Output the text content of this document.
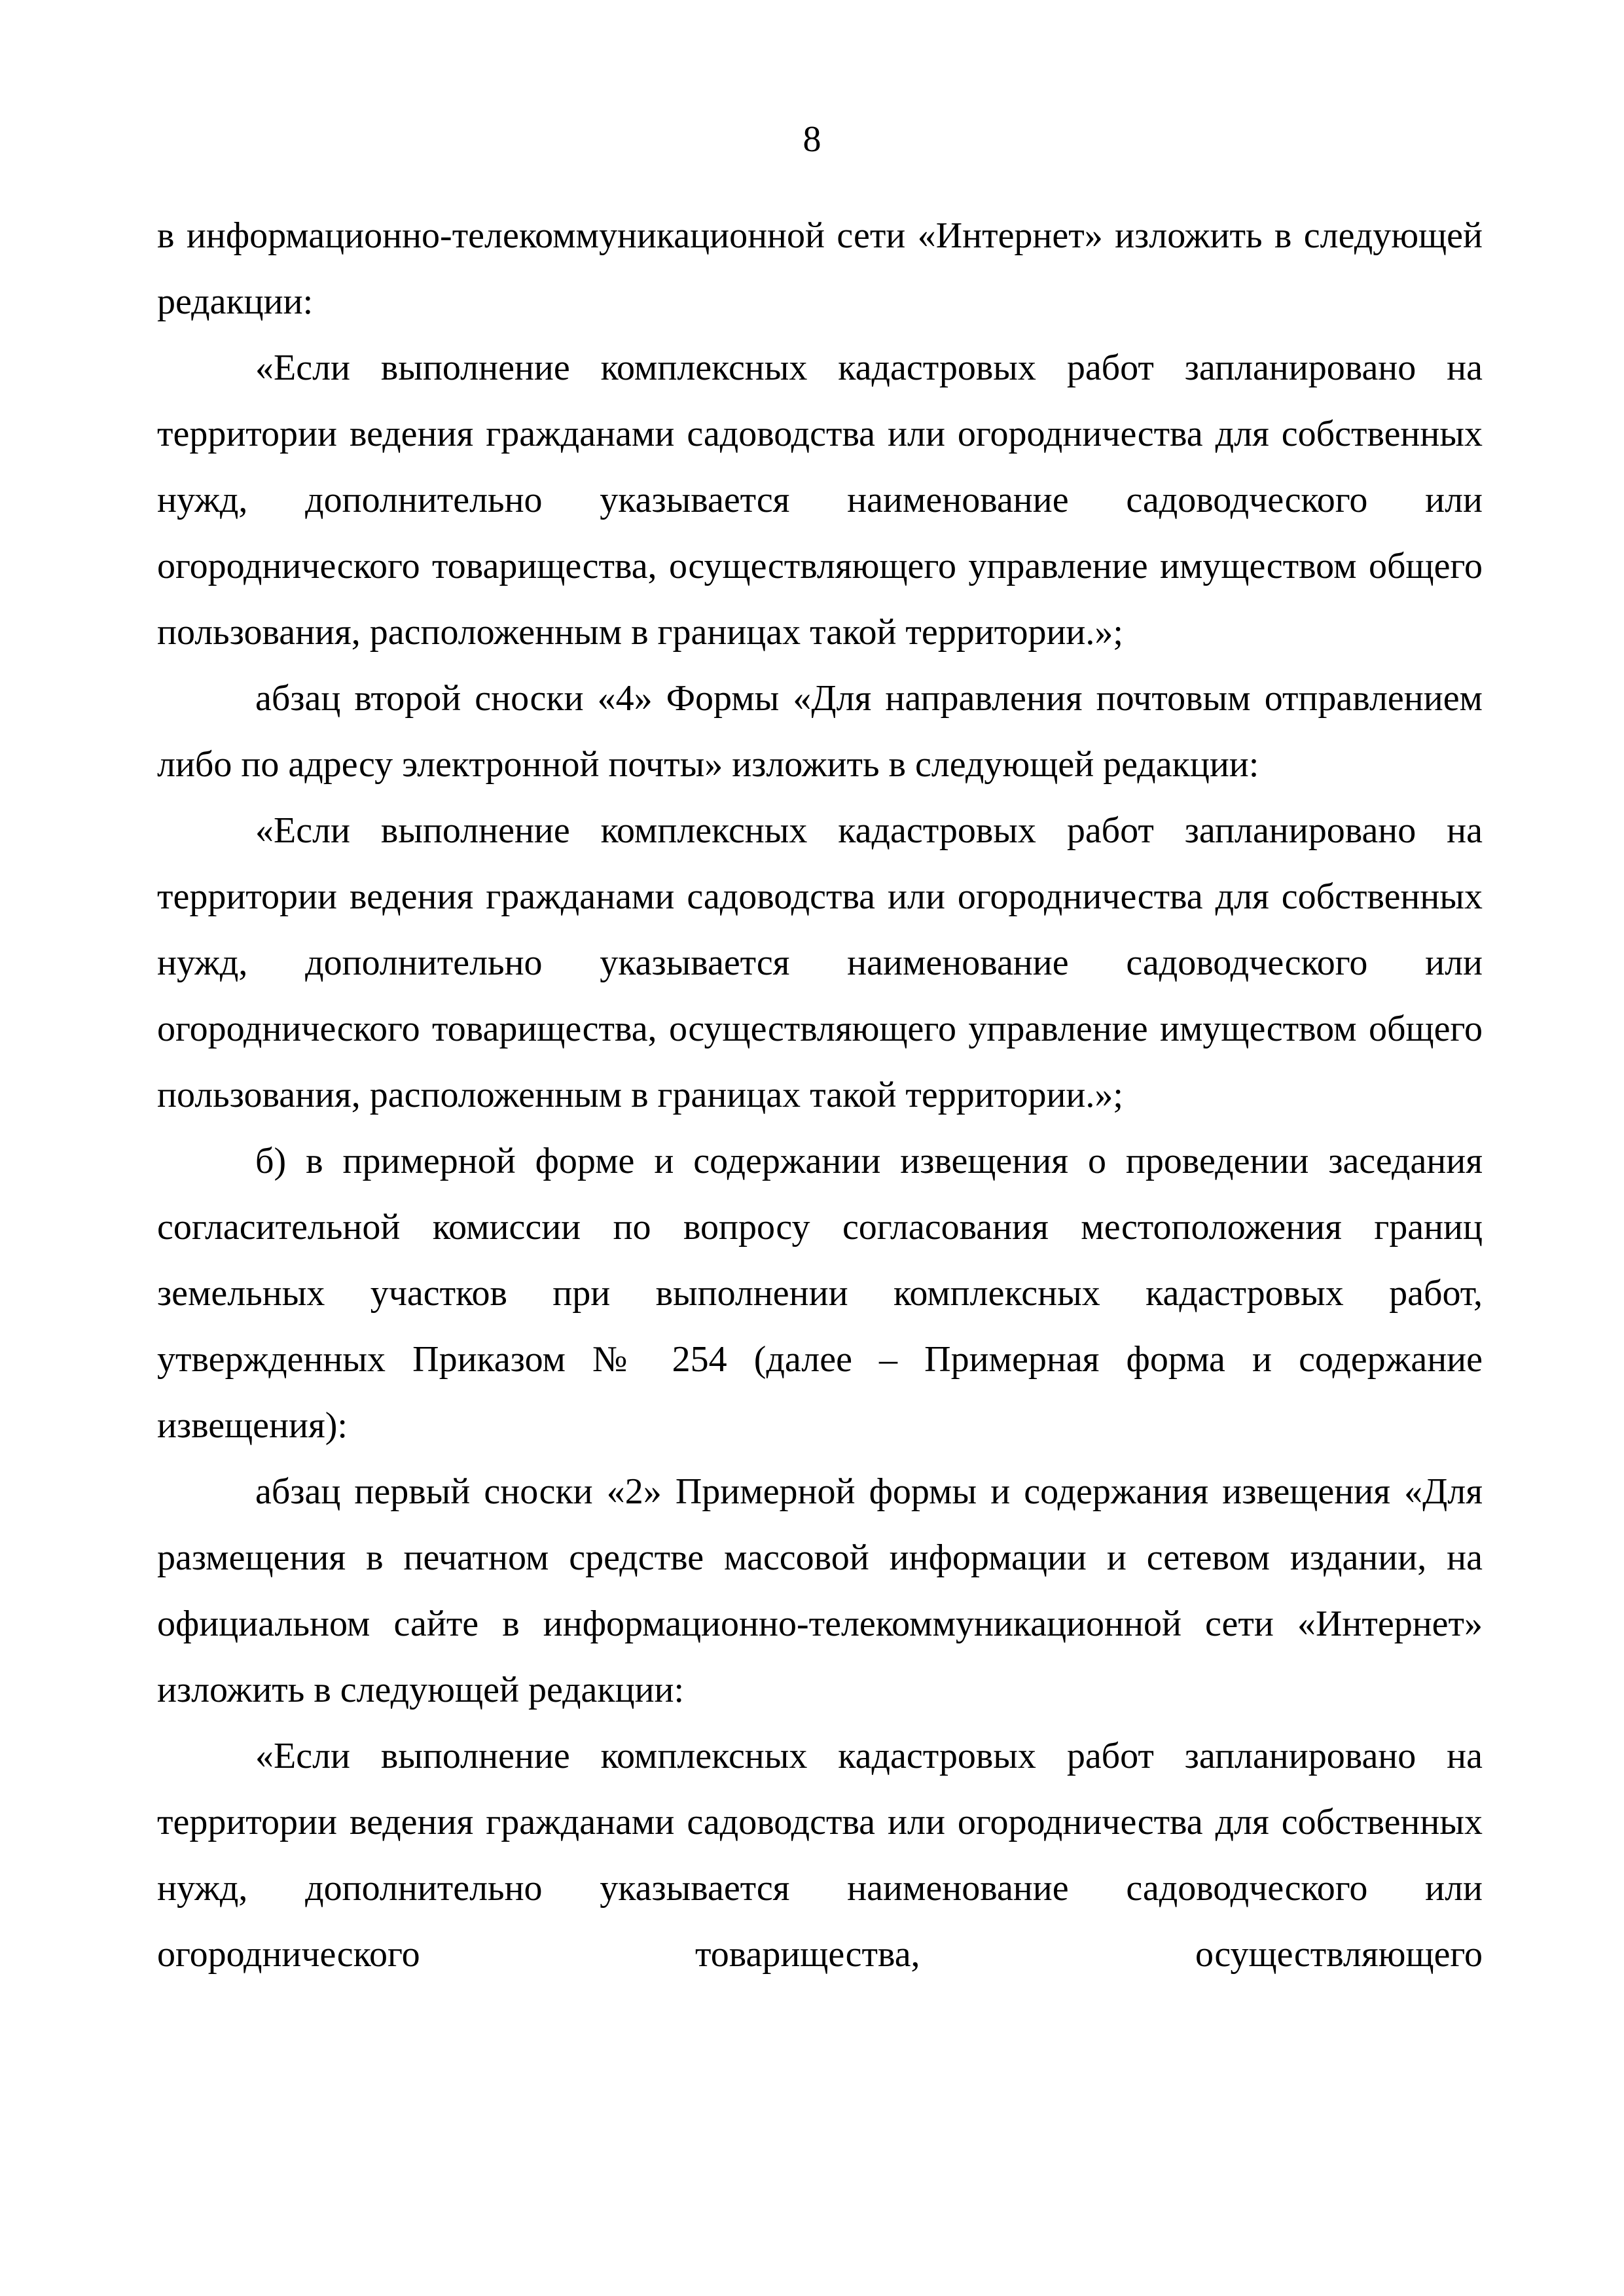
8

в информационно-телекоммуникационной сети «Интернет» изложить в следующей редакции:

«Если выполнение комплексных кадастровых работ запланировано на территории ведения гражданами садоводства или огородничества для собственных нужд, дополнительно указывается наименование садоводческого или огороднического товарищества, осуществляющего управление имуществом общего пользования, расположенным в границах такой территории.»;

абзац второй сноски «4» Формы «Для направления почтовым отправлением либо по адресу электронной почты» изложить в следующей редакции:

«Если выполнение комплексных кадастровых работ запланировано на территории ведения гражданами садоводства или огородничества для собственных нужд, дополнительно указывается наименование садоводческого или огороднического товарищества, осуществляющего управление имуществом общего пользования, расположенным в границах такой территории.»;

б) в примерной форме и содержании извещения о проведении заседания согласительной комиссии по вопросу согласования местоположения границ земельных участков при выполнении комплексных кадастровых работ, утвержденных Приказом № 254 (далее – Примерная форма и содержание извещения):

абзац первый сноски «2» Примерной формы и содержания извещения «Для размещения в печатном средстве массовой информации и сетевом издании, на официальном сайте в информационно-телекоммуникационной сети «Интернет» изложить в следующей редакции:

«Если выполнение комплексных кадастровых работ запланировано на территории ведения гражданами садоводства или огородничества для собственных нужд, дополнительно указывается наименование садоводческого или огороднического товарищества, осуществляющего
